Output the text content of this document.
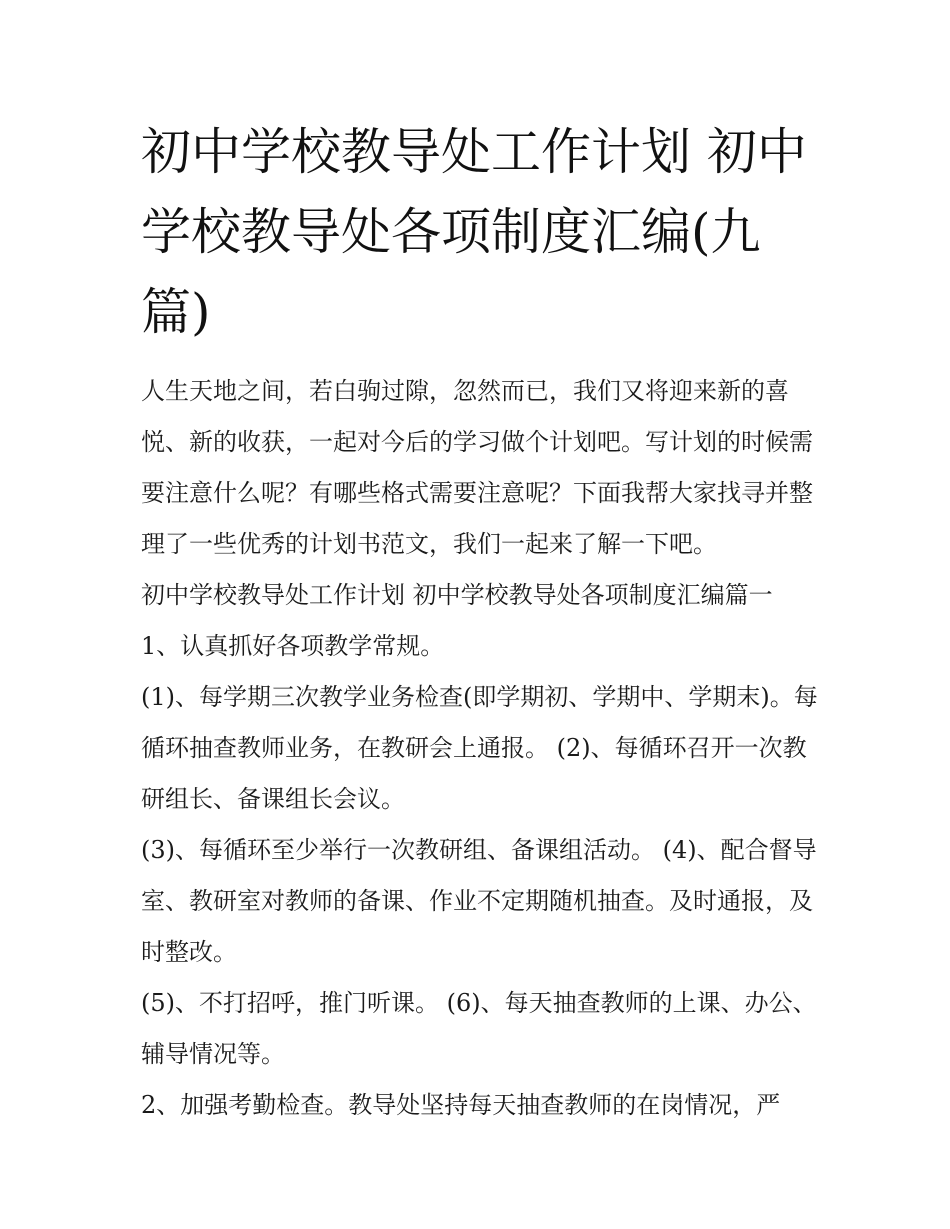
初中学校教导处工作计划 初中学校教导处各项制度汇编(九篇)

人生天地之间，若白驹过隙，忽然而已，我们又将迎来新的喜悦、新的收获，一起对今后的学习做个计划吧。写计划的时候需要注意什么呢？有哪些格式需要注意呢？下面我帮大家找寻并整理了一些优秀的计划书范文，我们一起来了解一下吧。

初中学校教导处工作计划 初中学校教导处各项制度汇编篇一

1、认真抓好各项教学常规。

(1)、每学期三次教学业务检查(即学期初、学期中、学期末)。每循环抽查教师业务，在教研会上通报。 (2)、每循环召开一次教研组长、备课组长会议。

(3)、每循环至少举行一次教研组、备课组活动。 (4)、配合督导室、教研室对教师的备课、作业不定期随机抽查。及时通报，及时整改。

(5)、不打招呼，推门听课。 (6)、每天抽查教师的上课、办公、辅导情况等。

2、加强考勤检查。教导处坚持每天抽查教师的在岗情况，严
